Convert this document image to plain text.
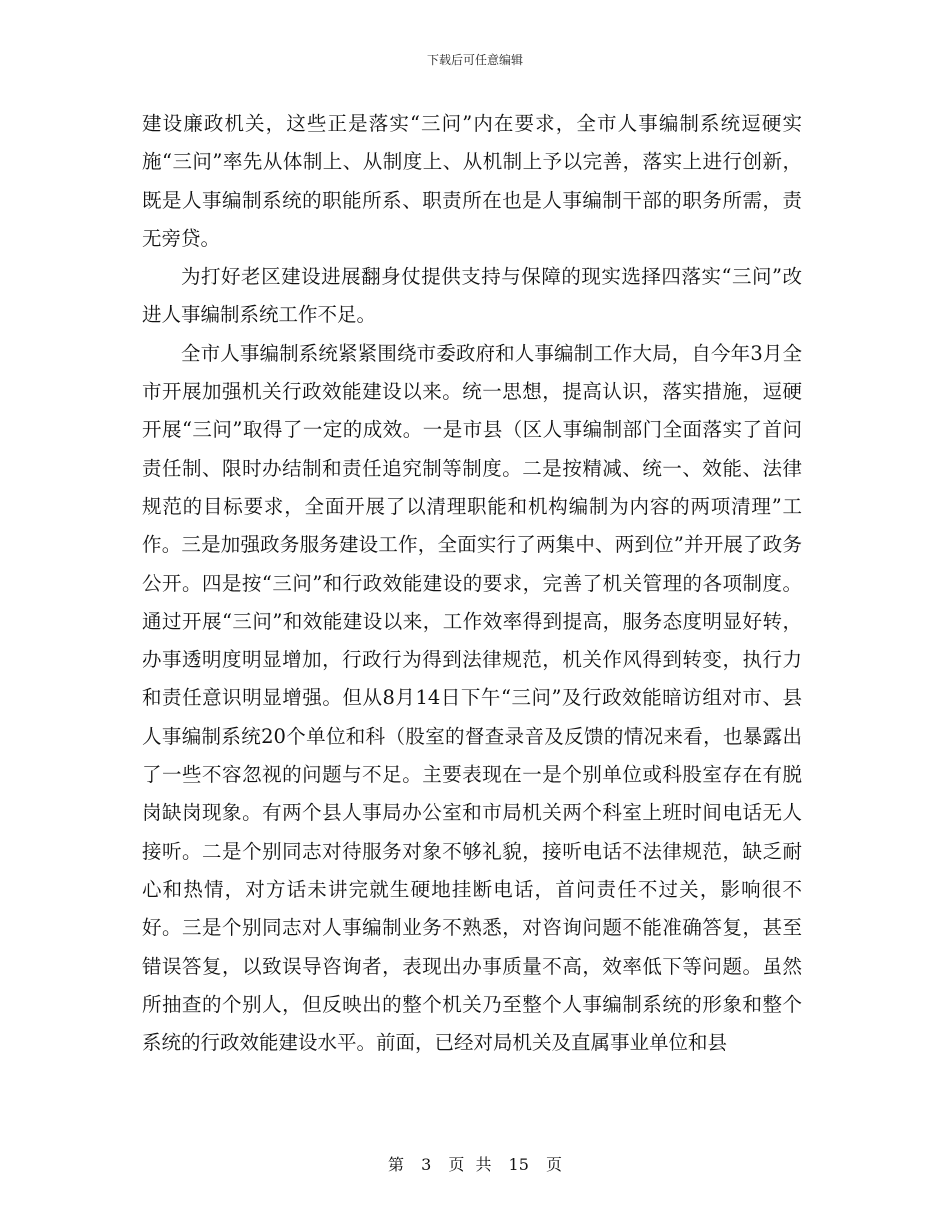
下载后可任意编辑

建设廉政机关，这些正是落实“三问”内在要求，全市人事编制系统逗硬实施“三问”率先从体制上、从制度上、从机制上予以完善，落实上进行创新，既是人事编制系统的职能所系、职责所在也是人事编制干部的职务所需，责无旁贷。

为打好老区建设进展翻身仗提供支持与保障的现实选择四落实“三问”改进人事编制系统工作不足。

全市人事编制系统紧紧围绕市委政府和人事编制工作大局，自今年3月全市开展加强机关行政效能建设以来。统一思想，提高认识，落实措施，逗硬开展“三问”取得了一定的成效。一是市县（区人事编制部门全面落实了首问责任制、限时办结制和责任追究制等制度。二是按精减、统一、效能、法律规范的目标要求，全面开展了以清理职能和机构编制为内容的两项清理”工作。三是加强政务服务建设工作，全面实行了两集中、两到位”并开展了政务公开。四是按“三问”和行政效能建设的要求，完善了机关管理的各项制度。通过开展“三问”和效能建设以来，工作效率得到提高，服务态度明显好转，办事透明度明显增加，行政行为得到法律规范，机关作风得到转变，执行力和责任意识明显增强。但从8月14日下午“三问”及行政效能暗访组对市、县人事编制系统20个单位和科（股室的督查录音及反馈的情况来看，也暴露出了一些不容忽视的问题与不足。主要表现在一是个别单位或科股室存在有脱岗缺岗现象。有两个县人事局办公室和市局机关两个科室上班时间电话无人接听。二是个别同志对待服务对象不够礼貌，接听电话不法律规范，缺乏耐心和热情，对方话未讲完就生硬地挂断电话，首问责任不过关，影响很不好。三是个别同志对人事编制业务不熟悉，对咨询问题不能准确答复，甚至错误答复，以致误导咨询者，表现出办事质量不高，效率低下等问题。虽然所抽查的个别人，但反映出的整个机关乃至整个人事编制系统的形象和整个系统的行政效能建设水平。前面，已经对局机关及直属事业单位和县

第 3 页 共 15 页
